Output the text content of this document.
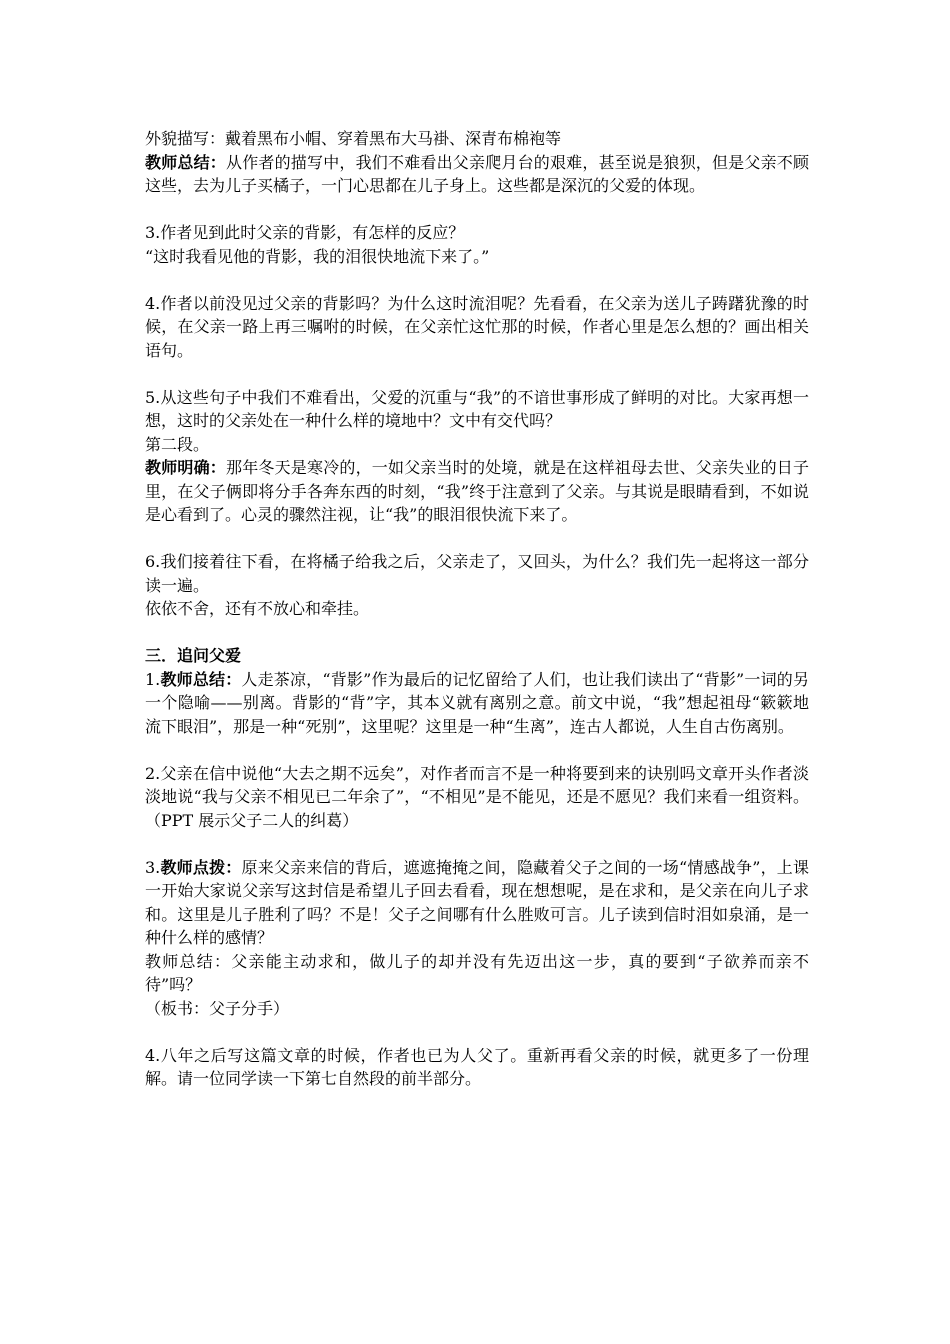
外貌描写：戴着黑布小帽、穿着黑布大马褂、深青布棉袍等

教师总结：从作者的描写中，我们不难看出父亲爬月台的艰难，甚至说是狼狈，但是父亲不顾这些，去为儿子买橘子，一门心思都在儿子身上。这些都是深沉的父爱的体现。

3.作者见到此时父亲的背影，有怎样的反应？

“这时我看见他的背影，我的泪很快地流下来了。”

4.作者以前没见过父亲的背影吗？为什么这时流泪呢？先看看，在父亲为送儿子踌躇犹豫的时候，在父亲一路上再三嘱咐的时候，在父亲忙这忙那的时候，作者心里是怎么想的？画出相关语句。

5.从这些句子中我们不难看出，父爱的沉重与“我”的不谙世事形成了鲜明的对比。大家再想一想，这时的父亲处在一种什么样的境地中？文中有交代吗？

第二段。

教师明确：那年冬天是寒冷的，一如父亲当时的处境，就是在这样祖母去世、父亲失业的日子里，在父子俩即将分手各奔东西的时刻，“我”终于注意到了父亲。与其说是眼睛看到，不如说是心看到了。心灵的骤然注视，让“我”的眼泪很快流下来了。

6.我们接着往下看，在将橘子给我之后，父亲走了，又回头，为什么？我们先一起将这一部分读一遍。

依依不舍，还有不放心和牵挂。

三．追问父爱

1.教师总结：人走茶凉，“背影”作为最后的记忆留给了人们，也让我们读出了“背影”一词的另一个隐喻——别离。背影的“背”字，其本义就有离别之意。前文中说，“我”想起祖母“簌簌地流下眼泪”，那是一种“死别”，这里呢？这里是一种“生离”，连古人都说，人生自古伤离别。

2.父亲在信中说他“大去之期不远矣”，对作者而言不是一种将要到来的诀别吗文章开头作者淡淡地说“我与父亲不相见已二年余了”，“不相见”是不能见，还是不愿见？我们来看一组资料。（PPT 展示父子二人的纠葛）

3.教师点拨：原来父亲来信的背后，遮遮掩掩之间，隐藏着父子之间的一场“情感战争”，上课一开始大家说父亲写这封信是希望儿子回去看看，现在想想呢，是在求和，是父亲在向儿子求和。这里是儿子胜利了吗？不是！父子之间哪有什么胜败可言。儿子读到信时泪如泉涌，是一种什么样的感情？

教师总结：父亲能主动求和，做儿子的却并没有先迈出这一步，真的要到“子欲养而亲不待”吗？

（板书：父子分手）

4.八年之后写这篇文章的时候，作者也已为人父了。重新再看父亲的时候，就更多了一份理解。请一位同学读一下第七自然段的前半部分。
